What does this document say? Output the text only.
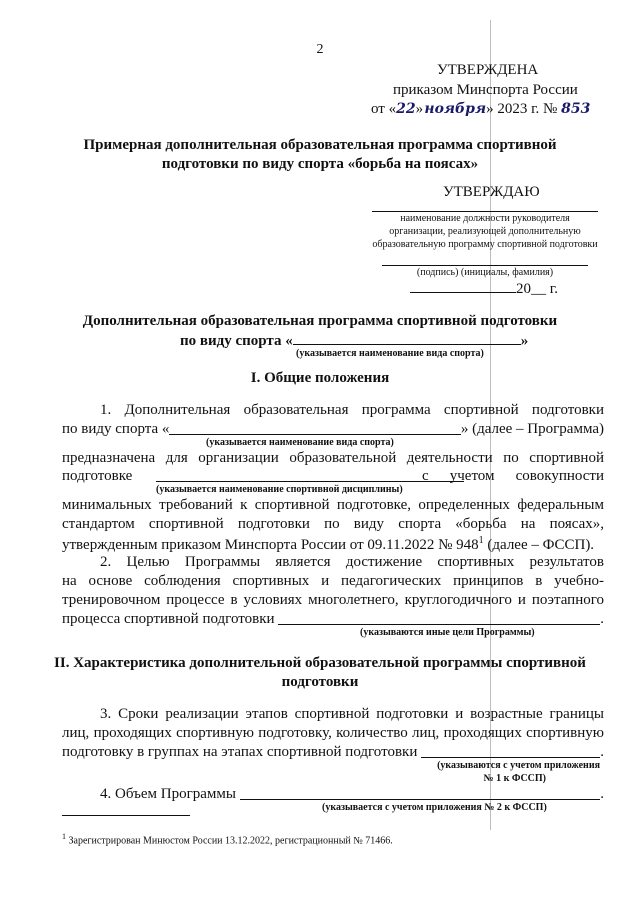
2
УТВЕРЖДЕНА
приказом Минспорта России
от «22» ноября» 2023 г. № 853
Примерная дополнительная образовательная программа спортивной
подготовки по виду спорта «борьба на поясах»
УТВЕРЖДАЮ
наименование должности руководителя
организации, реализующей дополнительную
образовательную программу спортивной подготовки
(подпись) (инициалы, фамилия)
20__ г.
Дополнительная образовательная программа спортивной подготовки
по виду спорта «	»
(указывается наименование вида спорта)
I. Общие положения
1. Дополнительная образовательная программа спортивной подготовки
по виду спорта «	» (далее – Программа)
(указывается наименование вида спорта)
предназначена для организации образовательной деятельности по спортивной
подготовке	с учетом совокупности
(указывается наименование спортивной дисциплины)
минимальных требований к спортивной подготовке, определенных федеральным
стандартом спортивной подготовки по виду спорта «борьба на поясах»,
утвержденным приказом Минспорта России от 09.11.2022 № $948^1$ (далее – ФССП).
2. Целью Программы является достижение спортивных результатов
на основе соблюдения спортивных и педагогических принципов в учебно-
тренировочном процессе в условиях многолетнего, круглогодичного и поэтапного
процесса спортивной подготовки
	.
(указываются иные цели Программы)
II. Характеристика дополнительной образовательной программы спортивной
подготовки
3. Сроки реализации этапов спортивной подготовки и возрастные границы
лиц, проходящих спортивную подготовку, количество лиц, проходящих спортивную
подготовку в группах на этапах спортивной подготовки
	.
(указываются с учетом приложения
№ 1 к ФССП)
4. Объем Программы
	.
(указывается с учетом приложения № 2 к ФССП)
$^1$ Зарегистрирован Минюстом России 13.12.2022, регистрационный № 71466.
